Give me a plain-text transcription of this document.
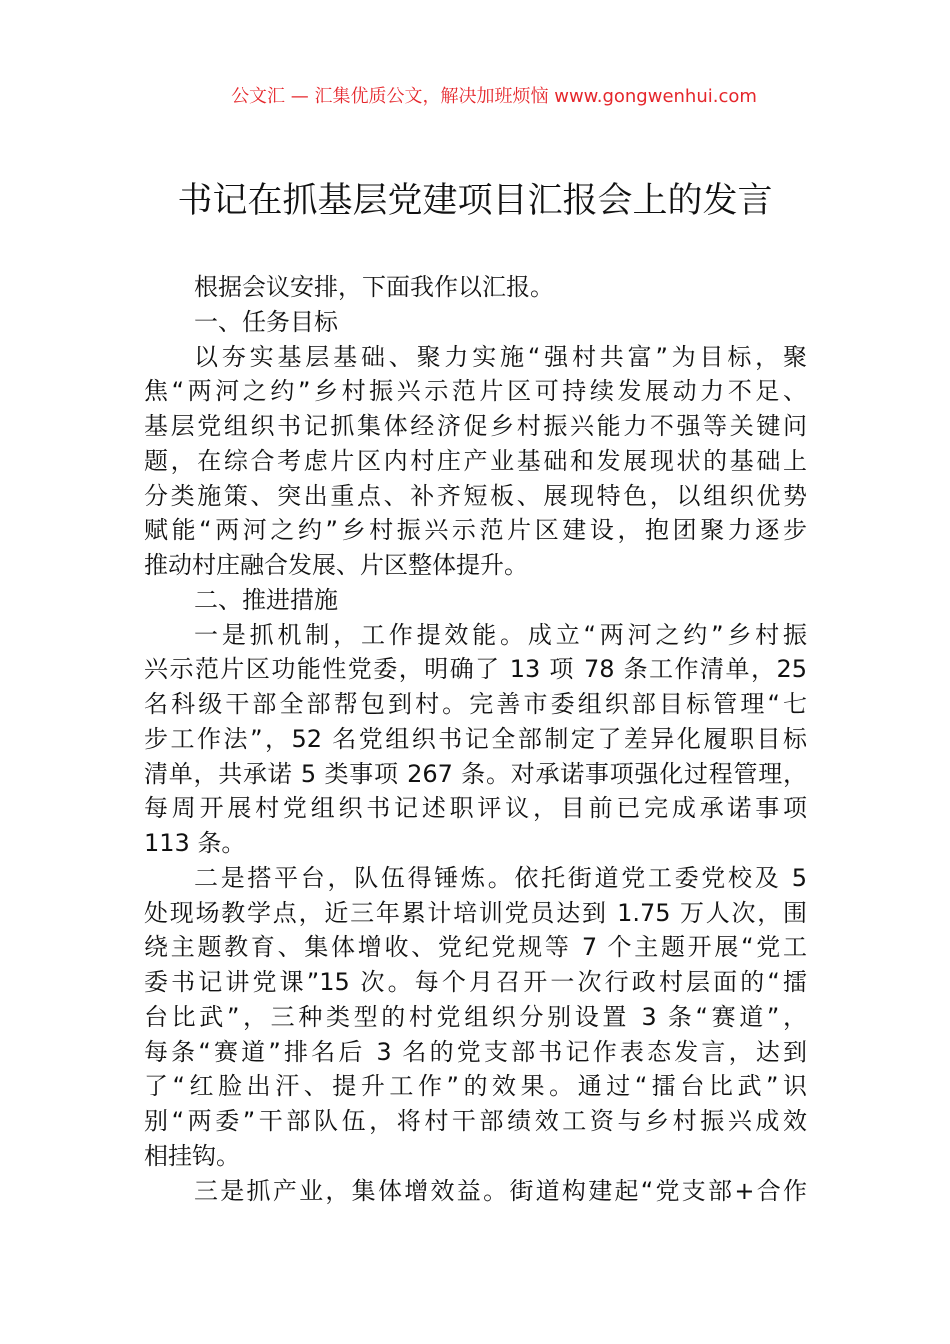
公文汇 — 汇集优质公文，解决加班烦恼 www.gongwenhui.com
书记在抓基层党建项目汇报会上的发言
根据会议安排，下面我作以汇报。
一、任务目标
以夯实基层基础、聚力实施“强村共富”为目标，聚
焦“两河之约”乡村振兴示范片区可持续发展动力不足、
基层党组织书记抓集体经济促乡村振兴能力不强等关键问
题，在综合考虑片区内村庄产业基础和发展现状的基础上
分类施策、突出重点、补齐短板、展现特色，以组织优势
赋能“两河之约”乡村振兴示范片区建设，抱团聚力逐步
推动村庄融合发展、片区整体提升。
二、推进措施
一是抓机制，工作提效能。成立“两河之约”乡村振
兴示范片区功能性党委，明确了 13 项 78 条工作清单，25
名科级干部全部帮包到村。完善市委组织部目标管理“七
步工作法”，52 名党组织书记全部制定了差异化履职目标
清单，共承诺 5 类事项 267 条。对承诺事项强化过程管理，
每周开展村党组织书记述职评议，目前已完成承诺事项
113 条。
二是搭平台，队伍得锤炼。依托街道党工委党校及 5
处现场教学点，近三年累计培训党员达到 1.75 万人次，围
绕主题教育、集体增收、党纪党规等 7 个主题开展“党工
委书记讲党课”15 次。每个月召开一次行政村层面的“擂
台比武”，三种类型的村党组织分别设置 3 条“赛道”，
每条“赛道”排名后 3 名的党支部书记作表态发言，达到
了“红脸出汗、提升工作”的效果。通过“擂台比武”识
别“两委”干部队伍，将村干部绩效工资与乡村振兴成效
相挂钩。
三是抓产业，集体增效益。街道构建起“党支部+合作
